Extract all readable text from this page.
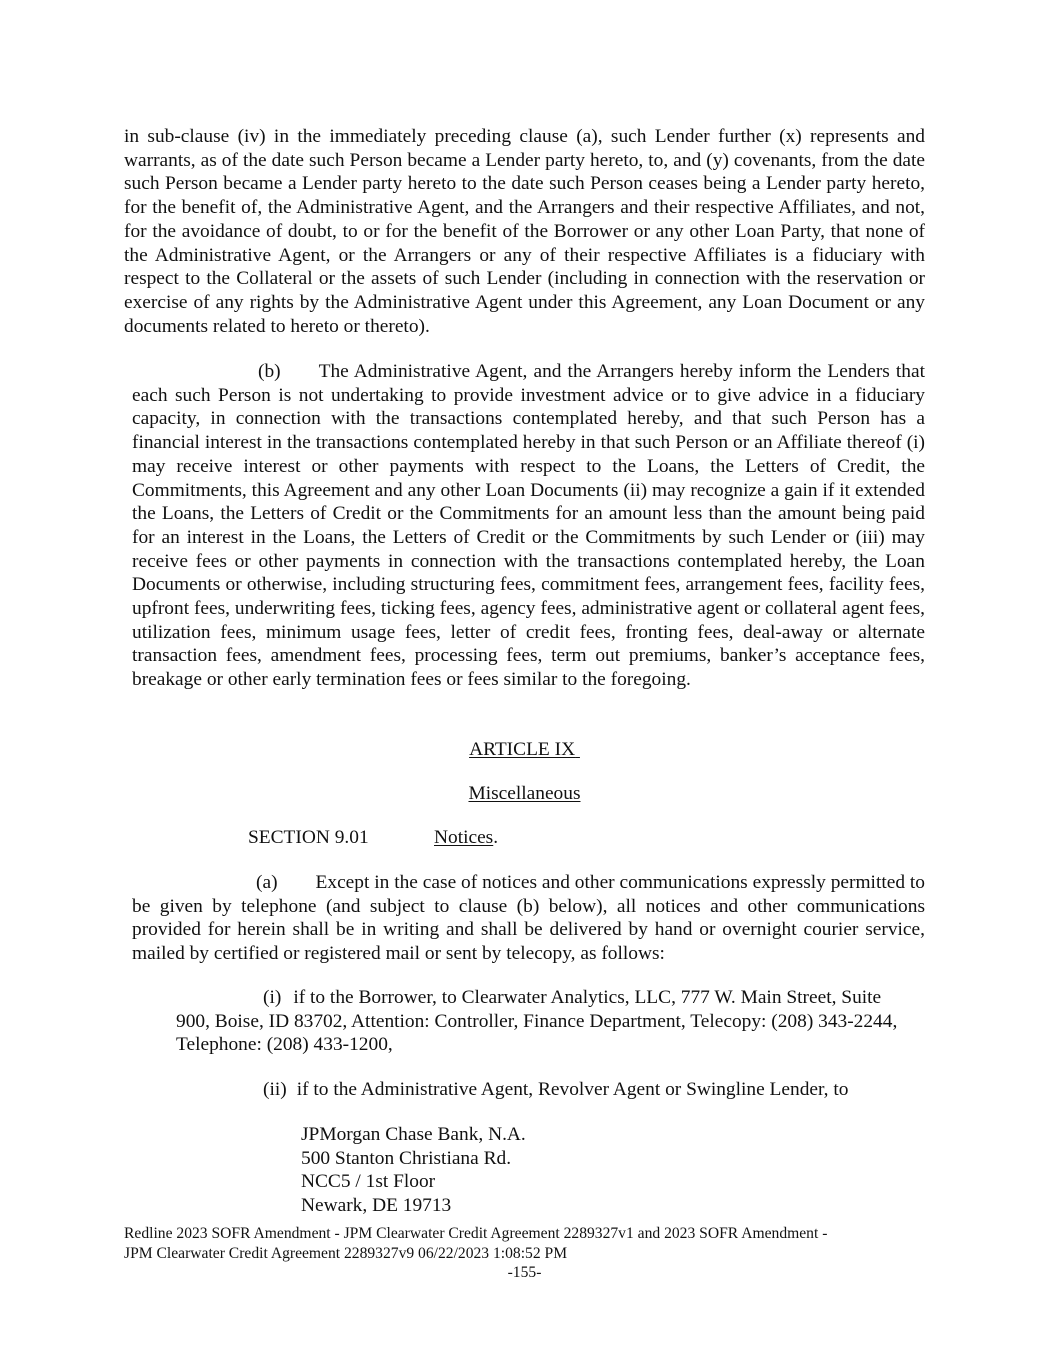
in sub-clause (iv) in the immediately preceding clause (a), such Lender further (x) represents and warrants, as of the date such Person became a Lender party hereto, to, and (y) covenants, from the date such Person became a Lender party hereto to the date such Person ceases being a Lender party hereto, for the benefit of, the Administrative Agent, and the Arrangers and their respective Affiliates, and not, for the avoidance of doubt, to or for the benefit of the Borrower or any other Loan Party, that none of the Administrative Agent, or the Arrangers or any of their respective Affiliates is a fiduciary with respect to the Collateral or the assets of such Lender (including in connection with the reservation or exercise of any rights by the Administrative Agent under this Agreement, any Loan Document or any documents related to hereto or thereto).

(b) The Administrative Agent, and the Arrangers hereby inform the Lenders that each such Person is not undertaking to provide investment advice or to give advice in a fiduciary capacity, in connection with the transactions contemplated hereby, and that such Person has a financial interest in the transactions contemplated hereby in that such Person or an Affiliate thereof (i) may receive interest or other payments with respect to the Loans, the Letters of Credit, the Commitments, this Agreement and any other Loan Documents (ii) may recognize a gain if it extended the Loans, the Letters of Credit or the Commitments for an amount less than the amount being paid for an interest in the Loans, the Letters of Credit or the Commitments by such Lender or (iii) may receive fees or other payments in connection with the transactions contemplated hereby, the Loan Documents or otherwise, including structuring fees, commitment fees, arrangement fees, facility fees, upfront fees, underwriting fees, ticking fees, agency fees, administrative agent or collateral agent fees, utilization fees, minimum usage fees, letter of credit fees, fronting fees, deal-away or alternate transaction fees, amendment fees, processing fees, term out premiums, banker’s acceptance fees, breakage or other early termination fees or fees similar to the foregoing.

ARTICLE IX

Miscellaneous

SECTION 9.01	Notices.

(a) Except in the case of notices and other communications expressly permitted to be given by telephone (and subject to clause (b) below), all notices and other communications provided for herein shall be in writing and shall be delivered by hand or overnight courier service, mailed by certified or registered mail or sent by telecopy, as follows:

(i) if to the Borrower, to Clearwater Analytics, LLC, 777 W. Main Street, Suite 900, Boise, ID 83702, Attention: Controller, Finance Department, Telecopy: (208) 343-2244, Telephone: (208) 433-1200,

(ii) if to the Administrative Agent, Revolver Agent or Swingline Lender, to

JPMorgan Chase Bank, N.A.
500 Stanton Christiana Rd.
NCC5 / 1st Floor
Newark, DE 19713
Redline 2023 SOFR Amendment - JPM Clearwater Credit Agreement 2289327v1 and 2023 SOFR Amendment -
JPM Clearwater Credit Agreement 2289327v9 06/22/2023 1:08:52 PM
-155-
